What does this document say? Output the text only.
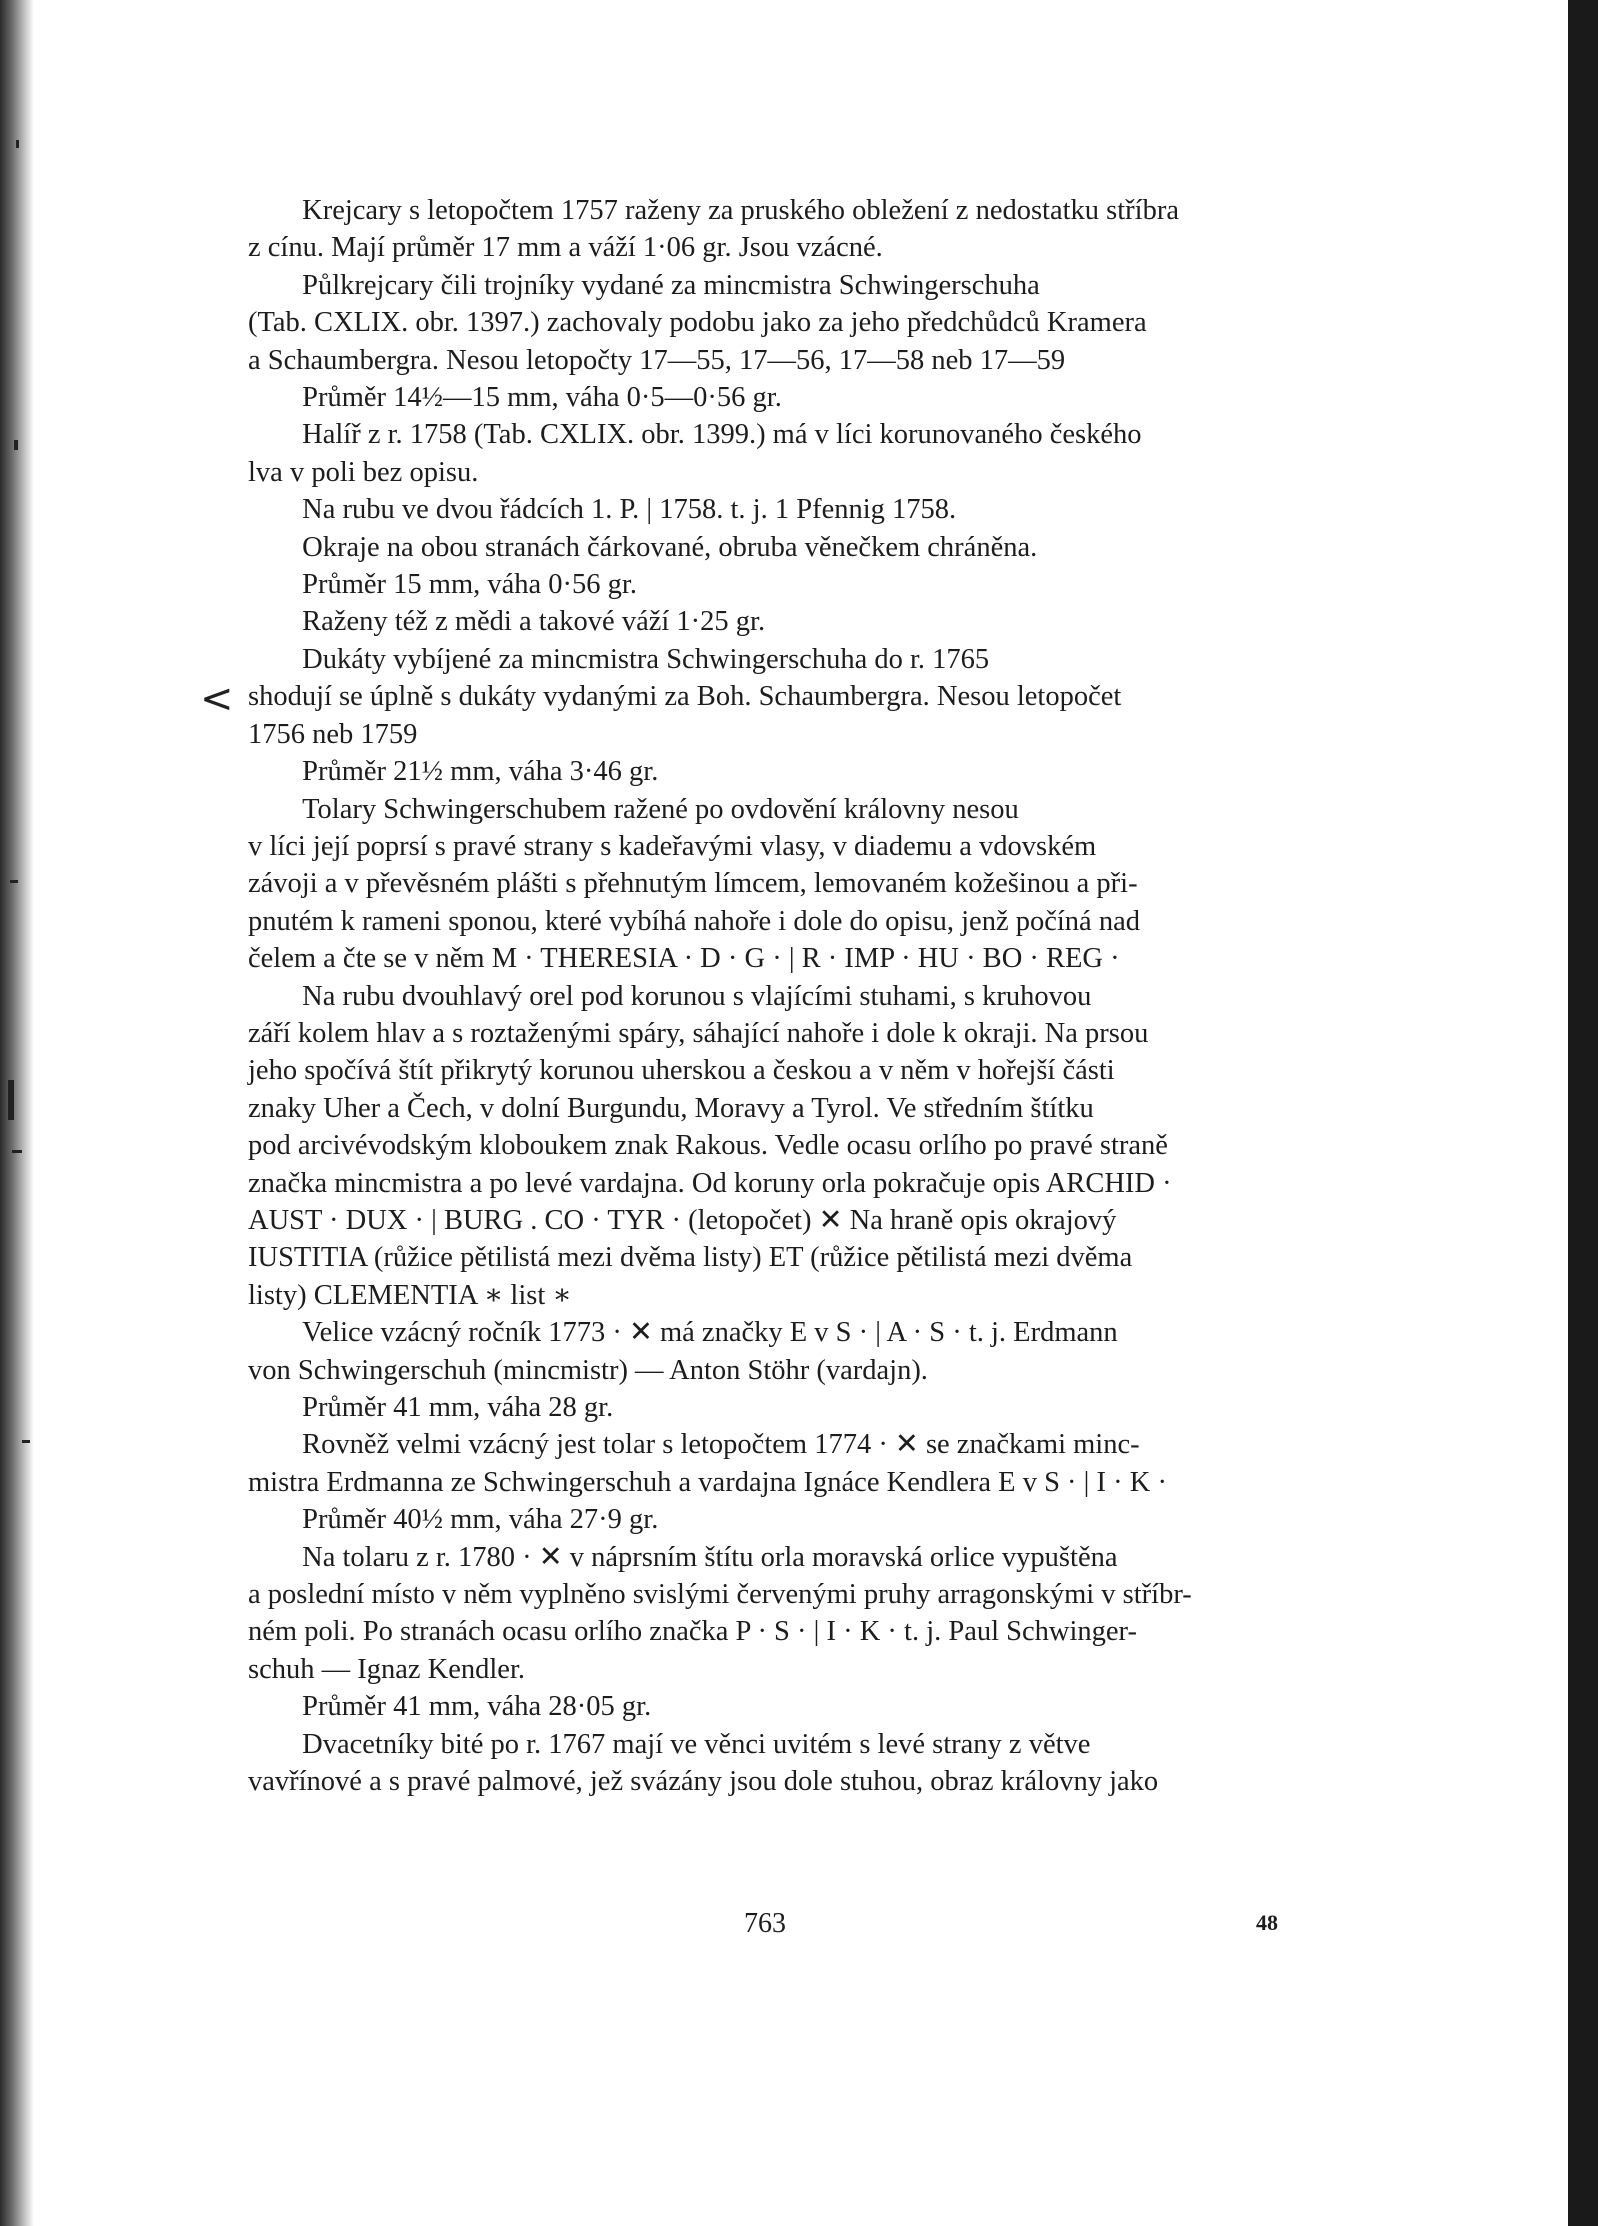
<
Krejcary s letopočtem 1757 raženy za pruského obležení z nedostatku stříbra
z cínu. Mají průměr 17 mm a váží 1·06 gr. Jsou vzácné.
Půlkrejcary čili trojníky vydané za mincmistra Schwingerschuha
(Tab. CXLIX. obr. 1397.) zachovaly podobu jako za jeho předchůdců Kramera
a Schaumbergra. Nesou letopočty 17—55, 17—56, 17—58 neb 17—59
Průměr 14½—15 mm, váha 0·5—0·56 gr.
Halíř z r. 1758 (Tab. CXLIX. obr. 1399.) má v líci korunovaného českého
lva v poli bez opisu.
Na rubu ve dvou řádcích 1. P. | 1758. t. j. 1 Pfennig 1758.
Okraje na obou stranách čárkované, obruba věnečkem chráněna.
Průměr 15 mm, váha 0·56 gr.
Raženy též z mědi a takové váží 1·25 gr.
Dukáty vybíjené za mincmistra Schwingerschuha do r. 1765
shodují se úplně s dukáty vydanými za Boh. Schaumbergra. Nesou letopočet
1756 neb 1759
Průměr 21½ mm, váha 3·46 gr.
Tolary Schwingerschubem ražené po ovdovění královny nesou
v líci její poprsí s pravé strany s kadeřavými vlasy, v diademu a vdovském
závoji a v převěsném plášti s přehnutým límcem, lemovaném kožešinou a při-
pnutém k rameni sponou, které vybíhá nahoře i dole do opisu, jenž počíná nad
čelem a čte se v něm M · THERESIA · D · G · | R · IMP · HU · BO · REG ·
Na rubu dvouhlavý orel pod korunou s vlajícími stuhami, s kruhovou
září kolem hlav a s roztaženými spáry, sáhající nahoře i dole k okraji. Na prsou
jeho spočívá štít přikrytý korunou uherskou a českou a v něm v hořejší části
znaky Uher a Čech, v dolní Burgundu, Moravy a Tyrol. Ve středním štítku
pod arcivévodským kloboukem znak Rakous. Vedle ocasu orlího po pravé straně
značka mincmistra a po levé vardajna. Od koruny orla pokračuje opis ARCHID ·
AUST · DUX · | BURG . CO · TYR · (letopočet) ✕ Na hraně opis okrajový
IUSTITIA (růžice pětilistá mezi dvěma listy) ET (růžice pětilistá mezi dvěma
listy) CLEMENTIA ∗ list ∗
Velice vzácný ročník 1773 · ✕ má značky E v S · | A · S · t. j. Erdmann
von Schwingerschuh (mincmistr) — Anton Stöhr (vardajn).
Průměr 41 mm, váha 28 gr.
Rovněž velmi vzácný jest tolar s letopočtem 1774 · ✕ se značkami minc-
mistra Erdmanna ze Schwingerschuh a vardajna Ignáce Kendlera E v S · | I · K ·
Průměr 40½ mm, váha 27·9 gr.
Na tolaru z r. 1780 · ✕ v náprsním štítu orla moravská orlice vypuštěna
a poslední místo v něm vyplněno svislými červenými pruhy arragonskými v stříbr-
ném poli. Po stranách ocasu orlího značka P · S · | I · K · t. j. Paul Schwinger-
schuh — Ignaz Kendler.
Průměr 41 mm, váha 28·05 gr.
Dvacetníky bité po r. 1767 mají ve věnci uvitém s levé strany z větve
vavřínové a s pravé palmové, jež svázány jsou dole stuhou, obraz královny jako
763	48
